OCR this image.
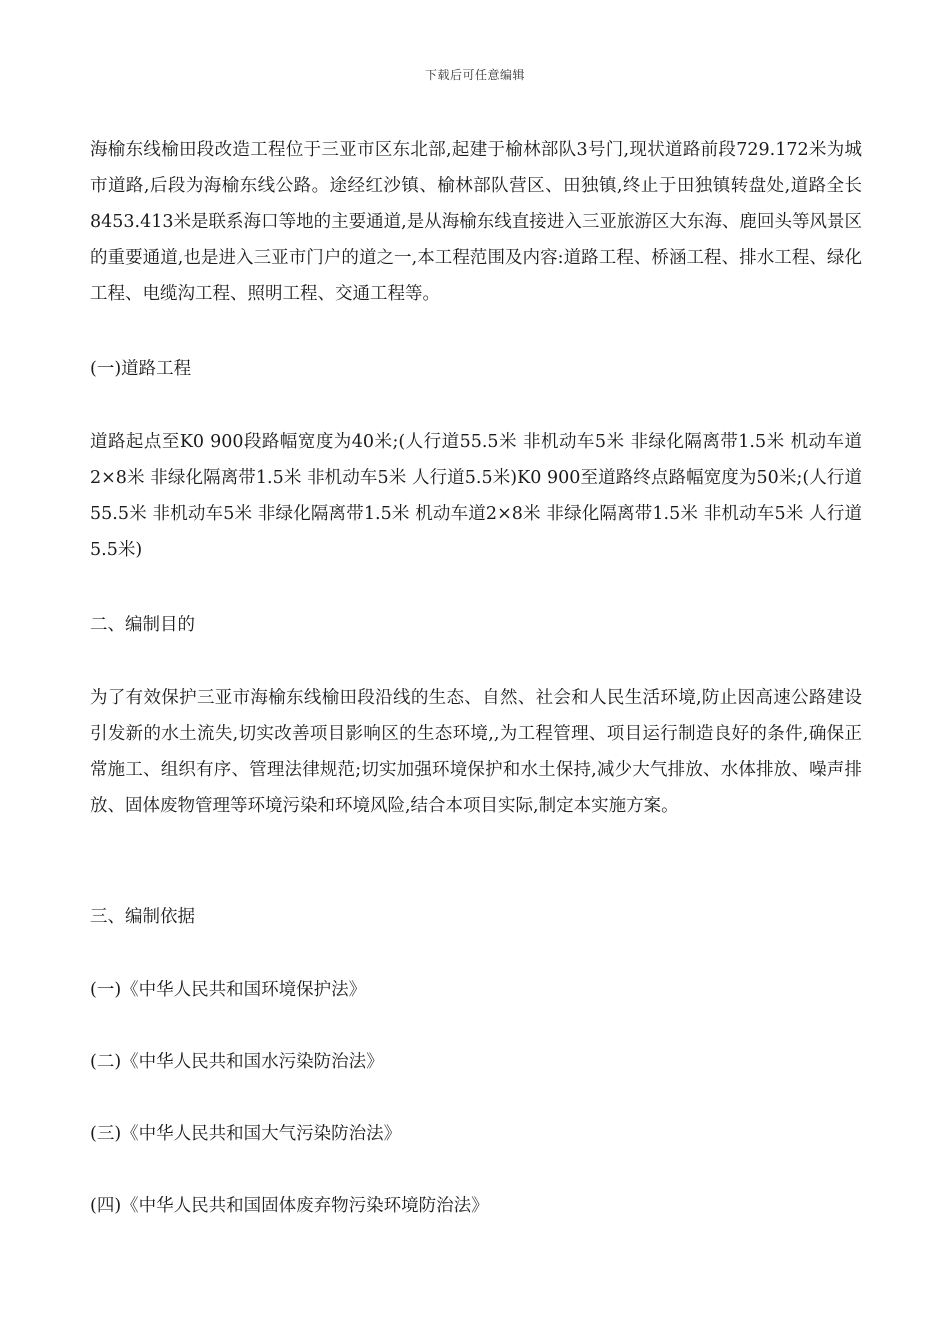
下载后可任意编辑

海榆东线榆田段改造工程位于三亚市区东北部,起建于榆林部队3号门,现状道路前段729.172米为城市道路,后段为海榆东线公路。途经红沙镇、榆林部队营区、田独镇,终止于田独镇转盘处,道路全长8453.413米是联系海口等地的主要通道,是从海榆东线直接进入三亚旅游区大东海、鹿回头等风景区的重要通道,也是进入三亚市门户的道之一,本工程范围及内容:道路工程、桥涵工程、排水工程、绿化工程、电缆沟工程、照明工程、交通工程等。

(一)道路工程

道路起点至K0 900段路幅宽度为40米;(人行道55.5米 非机动车5米 非绿化隔离带1.5米 机动车道2×8米 非绿化隔离带1.5米 非机动车5米 人行道5.5米)K0 900至道路终点路幅宽度为50米;(人行道55.5米 非机动车5米 非绿化隔离带1.5米 机动车道2×8米 非绿化隔离带1.5米 非机动车5米 人行道5.5米)

二、编制目的

为了有效保护三亚市海榆东线榆田段沿线的生态、自然、社会和人民生活环境,防止因高速公路建设引发新的水土流失,切实改善项目影响区的生态环境,,为工程管理、项目运行制造良好的条件,确保正常施工、组织有序、管理法律规范;切实加强环境保护和水土保持,减少大气排放、水体排放、噪声排放、固体废物管理等环境污染和环境风险,结合本项目实际,制定本实施方案。

三、编制依据

(一)《中华人民共和国环境保护法》

(二)《中华人民共和国水污染防治法》

(三)《中华人民共和国大气污染防治法》

(四)《中华人民共和国固体废弃物污染环境防治法》
